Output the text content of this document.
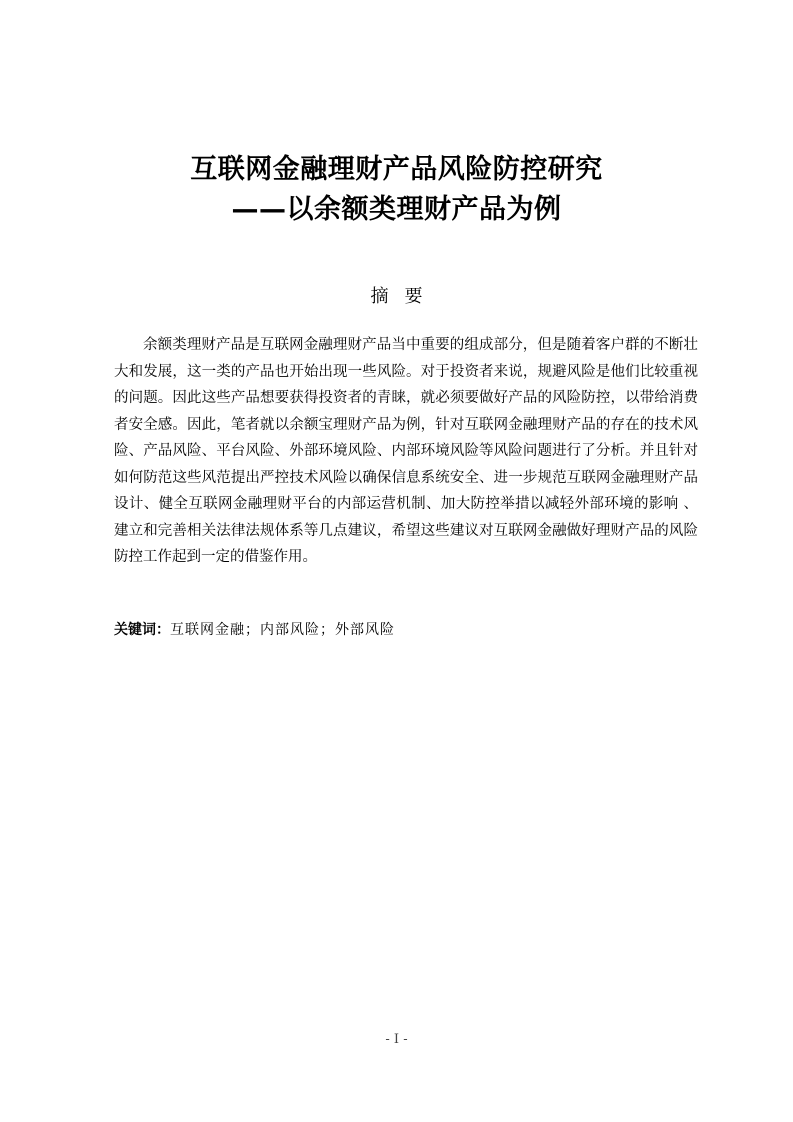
互联网金融理财产品风险防控研究
——以余额类理财产品为例
摘要

余额类理财产品是互联网金融理财产品当中重要的组成部分，但是随着客户群的不断壮大和发展，这一类的产品也开始出现一些风险。对于投资者来说，规避风险是他们比较重视的问题。因此这些产品想要获得投资者的青睐，就必须要做好产品的风险防控，以带给消费者安全感。因此，笔者就以余额宝理财产品为例，针对互联网金融理财产品的存在的技术风险、产品风险、平台风险、外部环境风险、内部环境风险等风险问题进行了分析。并且针对如何防范这些风范提出严控技术风险以确保信息系统安全、进一步规范互联网金融理财产品设计、健全互联网金融理财平台的内部运营机制、加大防控举措以减轻外部环境的影响 、建立和完善相关法律法规体系等几点建议，希望这些建议对互联网金融做好理财产品的风险防控工作起到一定的借鉴作用。

关键词：互联网金融；内部风险；外部风险
- I -
